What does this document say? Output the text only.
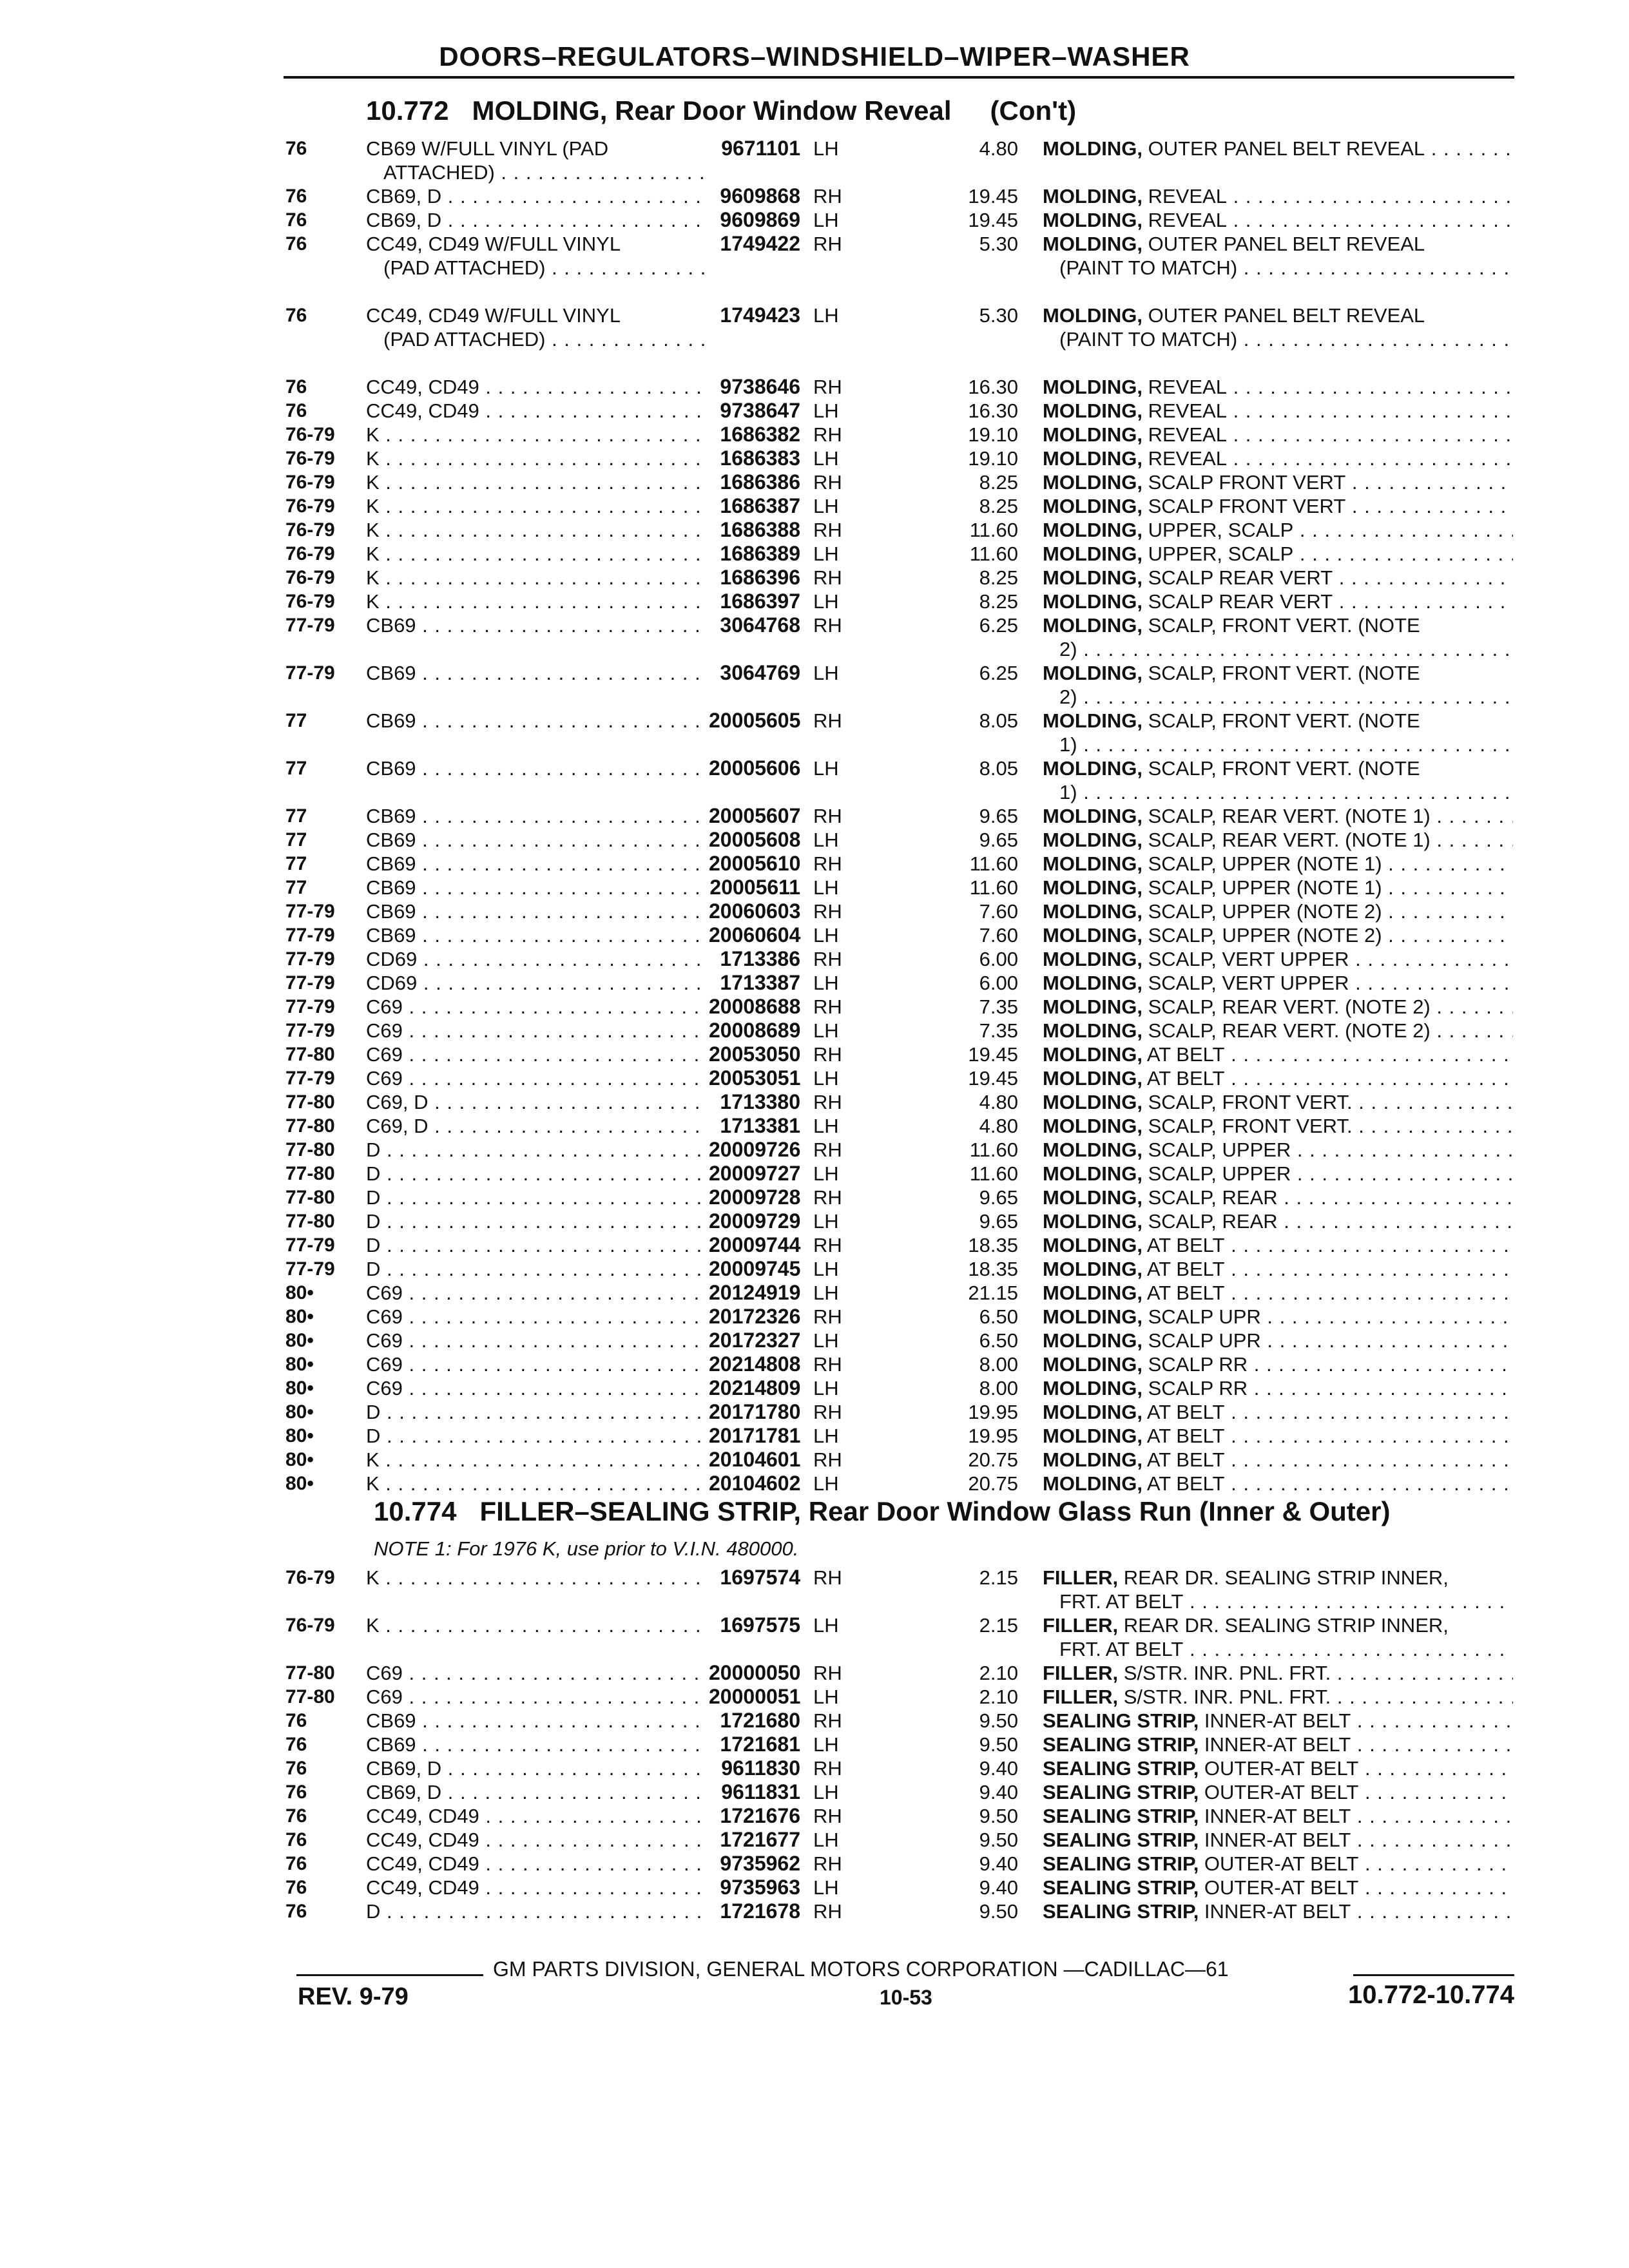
DOORS–REGULATORS–WINDSHIELD–WIPER–WASHER
10.772 MOLDING, Rear Door Window Reveal (Con't)
76	CB69 W/FULL VINYL (PAD	9671101 LH	4.80 MOLDING, OUTER PANEL BELT REVEAL . . .
ATTACHED) . . .
76	CB69, D . . .	9609868 RH	19.45 MOLDING, REVEAL . . .
76	CB69, D . . .	9609869 LH	19.45 MOLDING, REVEAL . . .
76	CC49, CD49 W/FULL VINYL	1749422 RH	5.30 MOLDING, OUTER PANEL BELT REVEAL
(PAD ATTACHED) . . .	(PAINT TO MATCH) . . .
76	CC49, CD49 W/FULL VINYL	1749423 LH	5.30 MOLDING, OUTER PANEL BELT REVEAL
(PAD ATTACHED) . . .	(PAINT TO MATCH) . . .
76	CC49, CD49 . . .	9738646 RH	16.30 MOLDING, REVEAL . . .
76	CC49, CD49 . . .	9738647 LH	16.30 MOLDING, REVEAL . . .
76-79 K . . .	1686382 RH	19.10 MOLDING, REVEAL . . .
76-79 K . . .	1686383 LH	19.10 MOLDING, REVEAL . . .
76-79 K . . .	1686386 RH	8.25 MOLDING, SCALP FRONT VERT . . .
76-79 K . . .	1686387 LH	8.25 MOLDING, SCALP FRONT VERT . . .
76-79 K . . .	1686388 RH	11.60 MOLDING, UPPER, SCALP . . .
76-79 K . . .	1686389 LH	11.60 MOLDING, UPPER, SCALP . . .
76-79 K . . .	1686396 RH	8.25 MOLDING, SCALP REAR VERT . . .
76-79 K . . .	1686397 LH	8.25 MOLDING, SCALP REAR VERT . . .
77-79 CB69 . . .	3064768 RH	6.25 MOLDING, SCALP, FRONT VERT. (NOTE
2) . . .
77-79 CB69 . . .	3064769 LH	6.25 MOLDING, SCALP, FRONT VERT. (NOTE
2) . . .
77	CB69 . . .	20005605 RH	8.05 MOLDING, SCALP, FRONT VERT. (NOTE
1) . . .
77	CB69 . . .	20005606 LH	8.05 MOLDING, SCALP, FRONT VERT. (NOTE
1) . . .
77	CB69 . . .	20005607 RH	9.65 MOLDING, SCALP, REAR VERT. (NOTE 1) . . .
77	CB69 . . .	20005608 LH	9.65 MOLDING, SCALP, REAR VERT. (NOTE 1) . . .
77	CB69 . . .	20005610 RH	11.60 MOLDING, SCALP, UPPER (NOTE 1) . . .
77	CB69 . . .	20005611 LH	11.60 MOLDING, SCALP, UPPER (NOTE 1) . . .
77-79 CB69 . . .	20060603 RH	7.60 MOLDING, SCALP, UPPER (NOTE 2) . . .
77-79 CB69 . . .	20060604 LH	7.60 MOLDING, SCALP, UPPER (NOTE 2) . . .
77-79 CD69 . . .	1713386 RH	6.00 MOLDING, SCALP, VERT UPPER . . .
77-79 CD69 . . .	1713387 LH	6.00 MOLDING, SCALP, VERT UPPER . . .
77-79 C69 . . .	20008688 RH	7.35 MOLDING, SCALP, REAR VERT. (NOTE 2) . . .
77-79 C69 . . .	20008689 LH	7.35 MOLDING, SCALP, REAR VERT. (NOTE 2) . . .
77-80 C69 . . .	20053050 RH	19.45 MOLDING, AT BELT . . .
77-79 C69 . . .	20053051 LH	19.45 MOLDING, AT BELT . . .
77-80 C69, D . . .	1713380 RH	4.80 MOLDING, SCALP, FRONT VERT. . . .
77-80 C69, D . . .	1713381 LH	4.80 MOLDING, SCALP, FRONT VERT. . . .
77-80 D . . .	20009726 RH	11.60 MOLDING, SCALP, UPPER . . .
77-80 D . . .	20009727 LH	11.60 MOLDING, SCALP, UPPER . . .
77-80 D . . .	20009728 RH	9.65 MOLDING, SCALP, REAR . . .
77-80 D . . .	20009729 LH	9.65 MOLDING, SCALP, REAR . . .
77-79 D . . .	20009744 RH	18.35 MOLDING, AT BELT . . .
77-79 D . . .	20009745 LH	18.35 MOLDING, AT BELT . . .
80•	C69 . . .	20124919 LH	21.15 MOLDING, AT BELT . . .
80•	C69 . . .	20172326 RH	6.50 MOLDING, SCALP UPR . . .
80•	C69 . . .	20172327 LH	6.50 MOLDING, SCALP UPR . . .
80•	C69 . . .	20214808 RH	8.00 MOLDING, SCALP RR . . .
80•	C69 . . .	20214809 LH	8.00 MOLDING, SCALP RR . . .
80•	D . . .	20171780 RH	19.95 MOLDING, AT BELT . . .
80•	D . . .	20171781 LH	19.95 MOLDING, AT BELT . . .
80•	K . . .	20104601 RH	20.75 MOLDING, AT BELT . . .
80•	K . . .	20104602 LH	20.75 MOLDING, AT BELT . . .
10.774 FILLER–SEALING STRIP, Rear Door Window Glass Run (Inner & Outer)
NOTE 1: For 1976 K, use prior to V.I.N. 480000.
76-79 K . . .	1697574 RH	2.15 FILLER, REAR DR. SEALING STRIP INNER,
FRT. AT BELT . . .
76-79 K . . .	1697575 LH	2.15 FILLER, REAR DR. SEALING STRIP INNER,
FRT. AT BELT . . .
77-80 C69 . . .	20000050 RH	2.10 FILLER, S/STR. INR. PNL. FRT. . . .
77-80 C69 . . .	20000051 LH	2.10 FILLER, S/STR. INR. PNL. FRT. . . .
76	CB69 . . .	1721680 RH	9.50 SEALING STRIP, INNER-AT BELT . . .
76	CB69 . . .	1721681 LH	9.50 SEALING STRIP, INNER-AT BELT . . .
76	CB69, D . . .	9611830 RH	9.40 SEALING STRIP, OUTER-AT BELT . . .
76	CB69, D . . .	9611831 LH	9.40 SEALING STRIP, OUTER-AT BELT . . .
76	CC49, CD49 . . .	1721676 RH	9.50 SEALING STRIP, INNER-AT BELT . . .
76	CC49, CD49 . . .	1721677 LH	9.50 SEALING STRIP, INNER-AT BELT . . .
76	CC49, CD49 . . .	9735962 RH	9.40 SEALING STRIP, OUTER-AT BELT . . .
76	CC49, CD49 . . .	9735963 LH	9.40 SEALING STRIP, OUTER-AT BELT . . .
76	D . . .	1721678 RH	9.50 SEALING STRIP, INNER-AT BELT . . .
GM PARTS DIVISION, GENERAL MOTORS CORPORATION —CADILLAC—61
REV. 9-79	10-53	10.772-10.774
